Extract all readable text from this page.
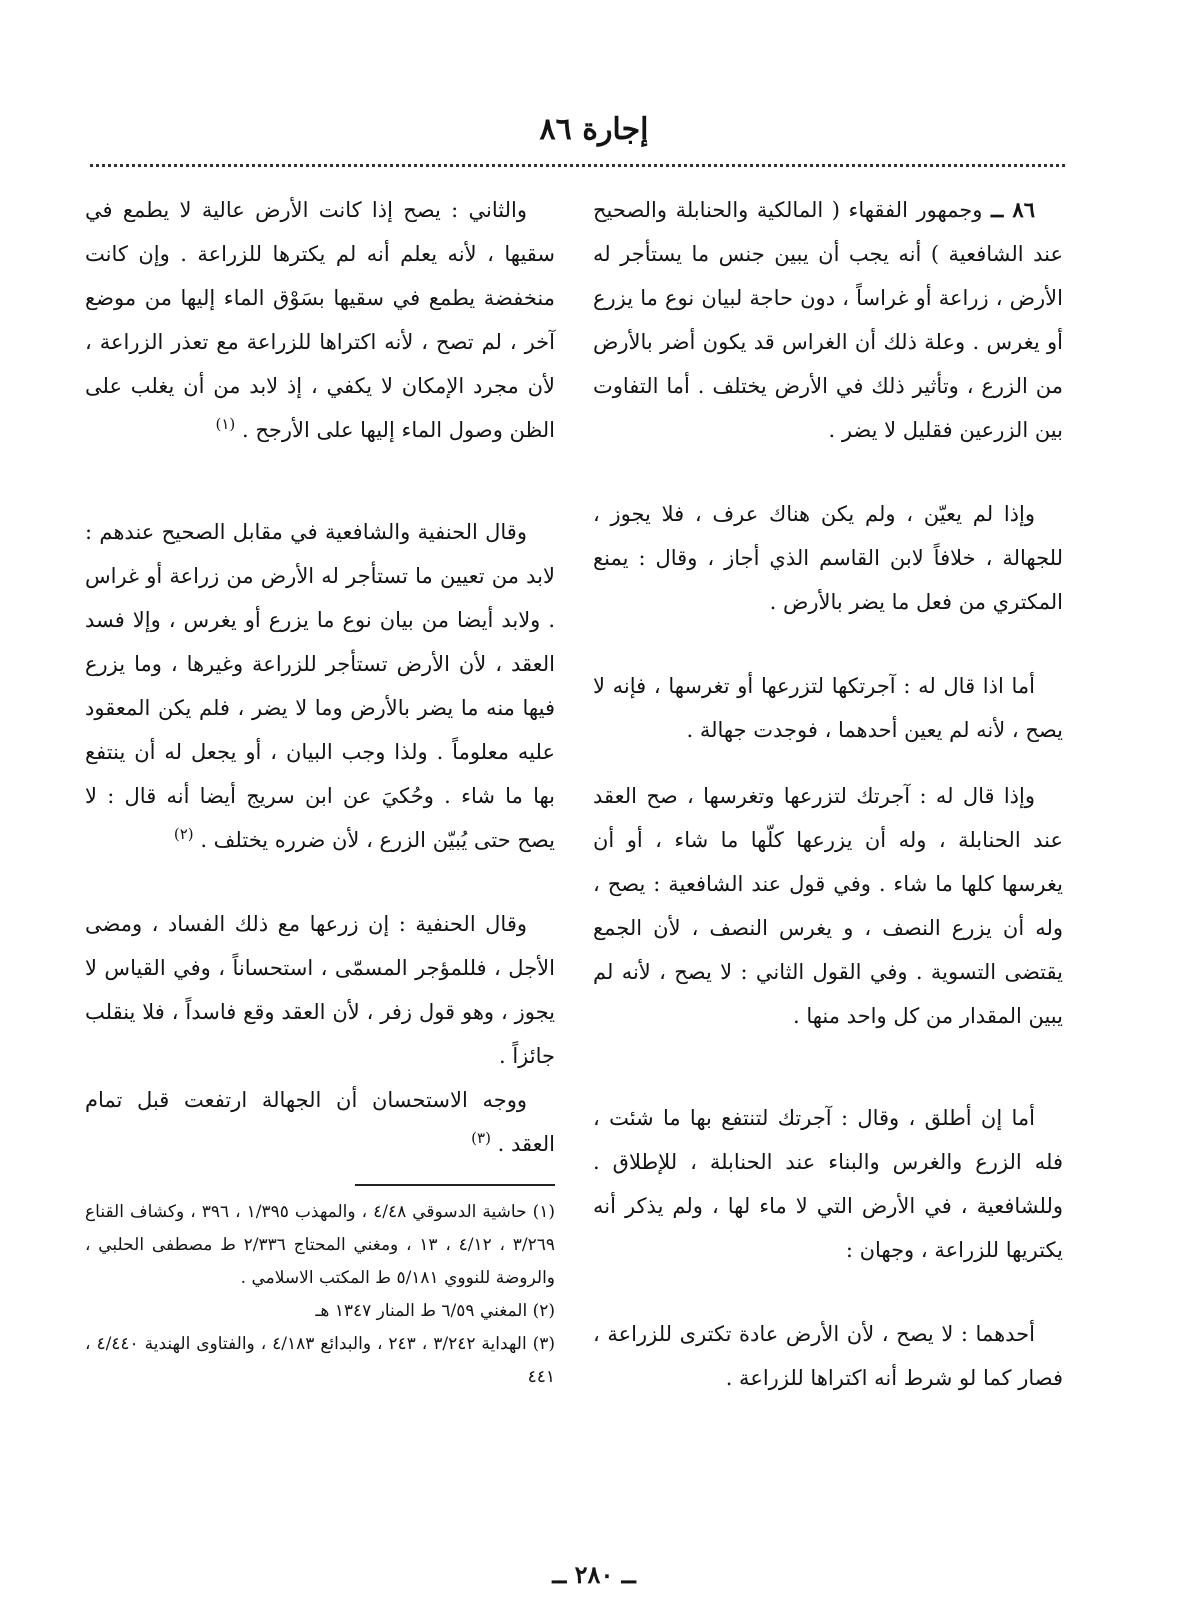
إجارة ٨٦

٨٦ ــ وجمهور الفقهاء ( المالكية والحنابلة والصحيح عند الشافعية ) أنه يجب أن يبين جنس ما يستأجر له الأرض ، زراعة أو غراساً ، دون حاجة لبيان نوع ما يزرع أو يغرس . وعلة ذلك أن الغراس قد يكون أضر بالأرض من الزرع ، وتأثير ذلك في الأرض يختلف . أما التفاوت بين الزرعين فقليل لا يضر .

وإذا لم يعيّن ، ولم يكن هناك عرف ، فلا يجوز ، للجهالة ، خلافاً لابن القاسم الذي أجاز ، وقال : يمنع المكتري من فعل ما يضر بالأرض .

أما اذا قال له : آجرتكها لتزرعها أو تغرسها ، فإنه لا يصح ، لأنه لم يعين أحدهما ، فوجدت جهالة .

وإذا قال له : آجرتك لتزرعها وتغرسها ، صح العقد عند الحنابلة ، وله أن يزرعها كلّها ما شاء ، أو أن يغرسها كلها ما شاء . وفي قول عند الشافعية : يصح ، وله أن يزرع النصف ، و يغرس النصف ، لأن الجمع يقتضى التسوية . وفي القول الثاني : لا يصح ، لأنه لم يبين المقدار من كل واحد منها .

أما إن أطلق ، وقال : آجرتك لتنتفع بها ما شئت ، فله الزرع والغرس والبناء عند الحنابلة ، للإطلاق . وللشافعية ، في الأرض التي لا ماء لها ، ولم يذكر أنه يكتريها للزراعة ، وجهان :

أحدهما : لا يصح ، لأن الأرض عادة تكترى للزراعة ، فصار كما لو شرط أنه اكتراها للزراعة .

والثاني : يصح إذا كانت الأرض عالية لا يطمع في سقيها ، لأنه يعلم أنه لم يكترها للزراعة . وإن كانت منخفضة يطمع في سقيها بسَوْق الماء إليها من موضع آخر ، لم تصح ، لأنه اكتراها للزراعة مع تعذر الزراعة ، لأن مجرد الإمكان لا يكفي ، إذ لابد من أن يغلب على الظن وصول الماء إليها على الأرجح . $^{(١)}$

وقال الحنفية والشافعية في مقابل الصحيح عندهم : لابد من تعيين ما تستأجر له الأرض من زراعة أو غراس . ولابد أيضا من بيان نوع ما يزرع أو يغرس ، وإلا فسد العقد ، لأن الأرض تستأجر للزراعة وغيرها ، وما يزرع فيها منه ما يضر بالأرض وما لا يضر ، فلم يكن المعقود عليه معلوماً . ولذا وجب البيان ، أو يجعل له أن ينتفع بها ما شاء . وحُكيَ عن ابن سريج أيضا أنه قال : لا يصح حتى يُبيّن الزرع ، لأن ضرره يختلف . $^{(٢)}$

وقال الحنفية : إن زرعها مع ذلك الفساد ، ومضى الأجل ، فللمؤجر المسمّى ، استحساناً ، وفي القياس لا يجوز ، وهو قول زفر ، لأن العقد وقع فاسداً ، فلا ينقلب جائزاً .

ووجه الاستحسان أن الجهالة ارتفعت قبل تمام العقد . $^{(٣)}$

(١) حاشية الدسوقي ٤/٤٨ ، والمهذب ١/٣٩٥ ، ٣٩٦ ، وكشاف القناع ٣/٢٦٩ ، ٤/١٢ ، ١٣ ، ومغني المحتاج ٢/٣٣٦ ط مصطفى الحلبي ، والروضة للنووي ٥/١٨١ ط المكتب الاسلامي .
(٢) المغني ٦/٥٩ ط المنار ١٣٤٧ هـ
(٣) الهداية ٣/٢٤٢ ، ٢٤٣ ، والبدائع ٤/١٨٣ ، والفتاوى الهندية ٤/٤٤٠ ، ٤٤١
ــ ٢٨٠ ــ
